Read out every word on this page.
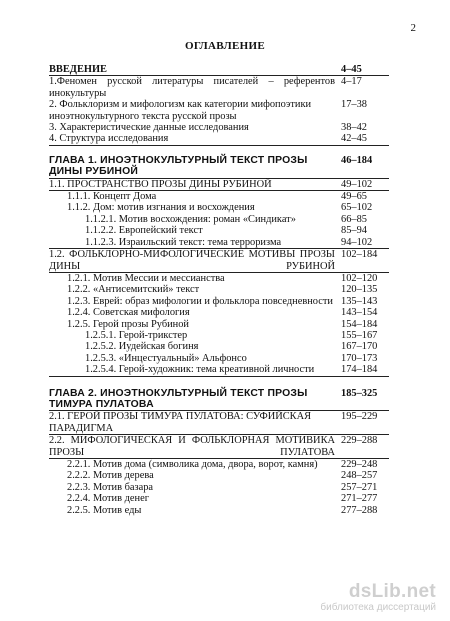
2
ОГЛАВЛЕНИЕ
ВВЕДЕНИЕ	4–45
1.Феномен русской литературы писателей – референтов инокультуры
4–17
2. Фольклоризм и мифологизм как категории мифопоэтики иноэтнокультурного текста русской прозы
17–38
3. Характеристические данные исследования	38–42
4. Структура исследования	42–45
ГЛАВА 1. ИНОЭТНОКУЛЬТУРНЫЙ ТЕКСТ ПРОЗЫ ДИНЫ РУБИНОЙ
46–184
1.1. ПРОСТРАНСТВО ПРОЗЫ ДИНЫ РУБИНОЙ	49–102
1.1.1. Концепт Дома	49–65
1.1.2. Дом: мотив изгнания и восхождения	65–102
1.1.2.1. Мотив восхождения: роман «Синдикат»	66–85
1.1.2.2. Европейский текст	85–94
1.1.2.3. Израильский текст: тема терроризма	94–102
1.2. ФОЛЬКЛОРНО-МИФОЛОГИЧЕСКИЕ МОТИВЫ ПРОЗЫ ДИНЫ РУБИНОЙ
102–184
1.2.1. Мотив Мессии и мессианства	102–120
1.2.2. «Антисемитский» текст	120–135
1.2.3. Еврей: образ мифологии и фольклора повседневности 135–143
1.2.4. Советская мифология	143–154
1.2.5. Герой прозы Рубиной	154–184
1.2.5.1. Герой-трикстер	155–167
1.2.5.2. Иудейская богиня	167–170
1.2.5.3. «Инцестуальный» Альфонсо	170–173
1.2.5.4. Герой-художник: тема креативной личности	174–184
ГЛАВА 2. ИНОЭТНОКУЛЬТУРНЫЙ ТЕКСТ ПРОЗЫ ТИМУРА ПУЛАТОВА
185–325
2.1. ГЕРОЙ ПРОЗЫ ТИМУРА ПУЛАТОВА: СУФИЙСКАЯ ПАРАДИГМА
195–229
2.2. МИФОЛОГИЧЕСКАЯ И ФОЛЬКЛОРНАЯ МОТИВИКА ПРОЗЫ ПУЛАТОВА
229–288
2.2.1. Мотив дома (символика дома, двора, ворот, камня)	229–248
2.2.2. Мотив дерева	248–257
2.2.3. Мотив базара	257–271
2.2.4. Мотив денег	271–277
2.2.5. Мотив еды	277–288
dsLib.net
библиотека диссертаций
